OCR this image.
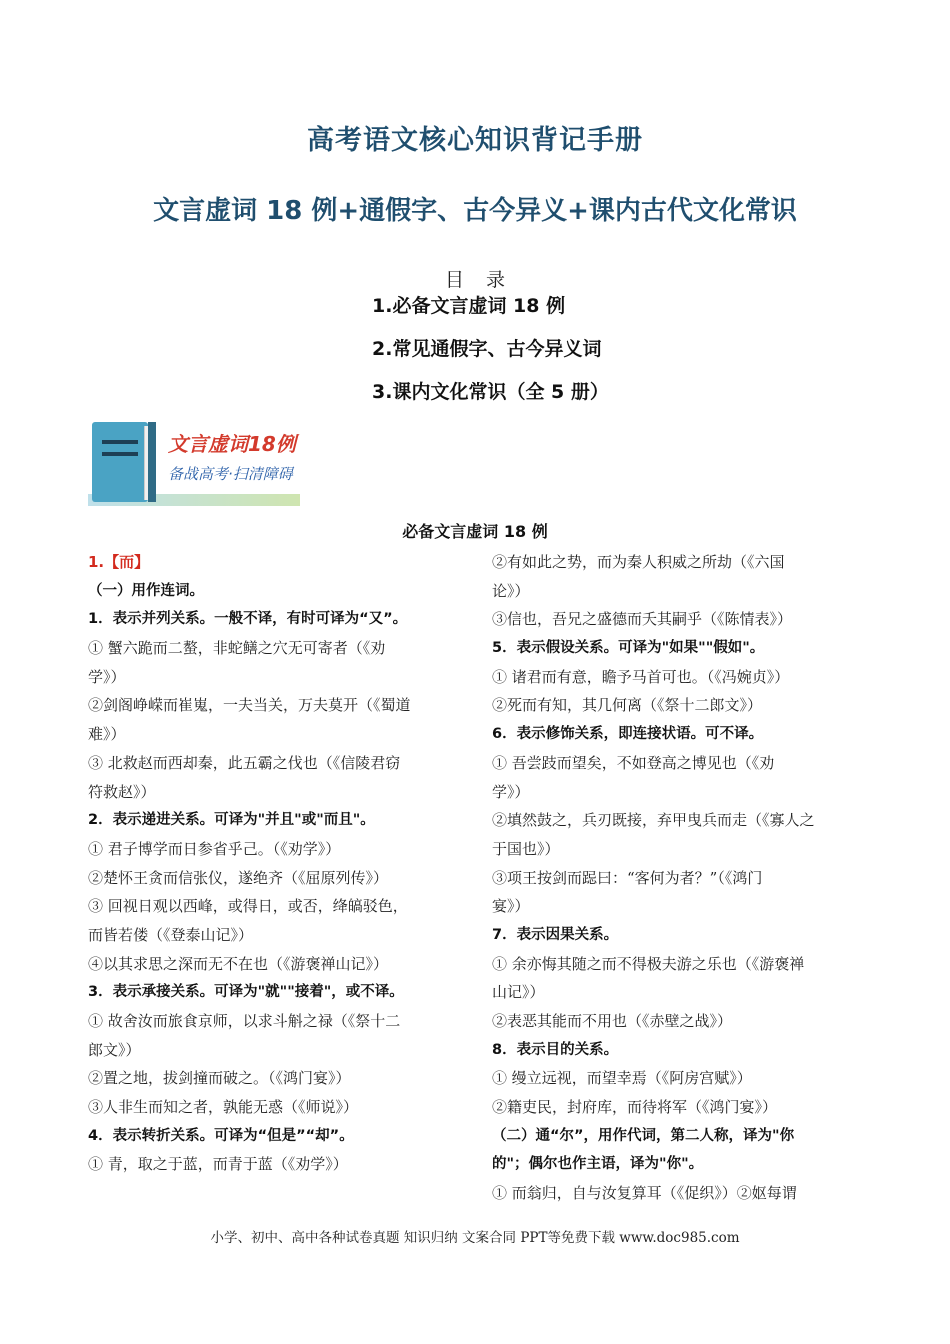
高考语文核心知识背记手册
文言虚词 18 例+通假字、古今异义+课内古代文化常识
目录
1.必备文言虚词 18 例
2.常见通假字、古今异义词
3.课内文化常识（全 5 册）
文言虚词18例
备战高考·扫清障碍
必备文言虚词 18 例
1.【而】
（一）用作连词。
1．表示并列关系。一般不译，有时可译为“又”。
① 蟹六跪而二螯，非蛇鳝之穴无可寄者（《劝
学》）
②剑阁峥嵘而崔嵬，一夫当关，万夫莫开（《蜀道
难》）
③ 北救赵而西却秦，此五霸之伐也（《信陵君窃
符救赵》）
2．表示递进关系。可译为"并且"或"而且"。
① 君子博学而日参省乎己。（《劝学》）
②楚怀王贪而信张仪，遂绝齐（《屈原列传》）
③ 回视日观以西峰，或得日，或否，绛皜驳色，
而皆若偻（《登泰山记》）
④以其求思之深而无不在也（《游褒禅山记》）
3．表示承接关系。可译为"就""接着"，或不译。
① 故舍汝而旅食京师，以求斗斛之禄（《祭十二
郎文》）
②置之地，拔剑撞而破之。（《鸿门宴》）
③人非生而知之者，孰能无惑（《师说》）
4．表示转折关系。可译为“但是”“却”。
① 青，取之于蓝，而青于蓝（《劝学》）
②有如此之势，而为秦人积威之所劫（《六国
论》）
③信也，吾兄之盛德而夭其嗣乎（《陈情表》）
5．表示假设关系。可译为"如果""假如"。
① 诸君而有意，瞻予马首可也。（《冯婉贞》）
②死而有知，其几何离（《祭十二郎文》）
6．表示修饰关系，即连接状语。可不译。
① 吾尝跂而望矣，不如登高之博见也（《劝
学》）
②填然鼓之，兵刃既接，弃甲曳兵而走（《寡人之
于国也》）
③项王按剑而跽曰：“客何为者？”（《鸿门
宴》）
7．表示因果关系。
① 余亦悔其随之而不得极夫游之乐也（《游褒禅
山记》）
②表恶其能而不用也（《赤壁之战》）
8．表示目的关系。
① 缦立远视，而望幸焉（《阿房宫赋》）
②籍吏民，封府库，而待将军（《鸿门宴》）
（二）通“尔”，用作代词，第二人称，译为"你
的"；偶尔也作主语，译为"你"。
① 而翁归，自与汝复算耳（《促织》）②妪每谓
小学、初中、高中各种试卷真题 知识归纳 文案合同 PPT等免费下载 www.doc985.com
